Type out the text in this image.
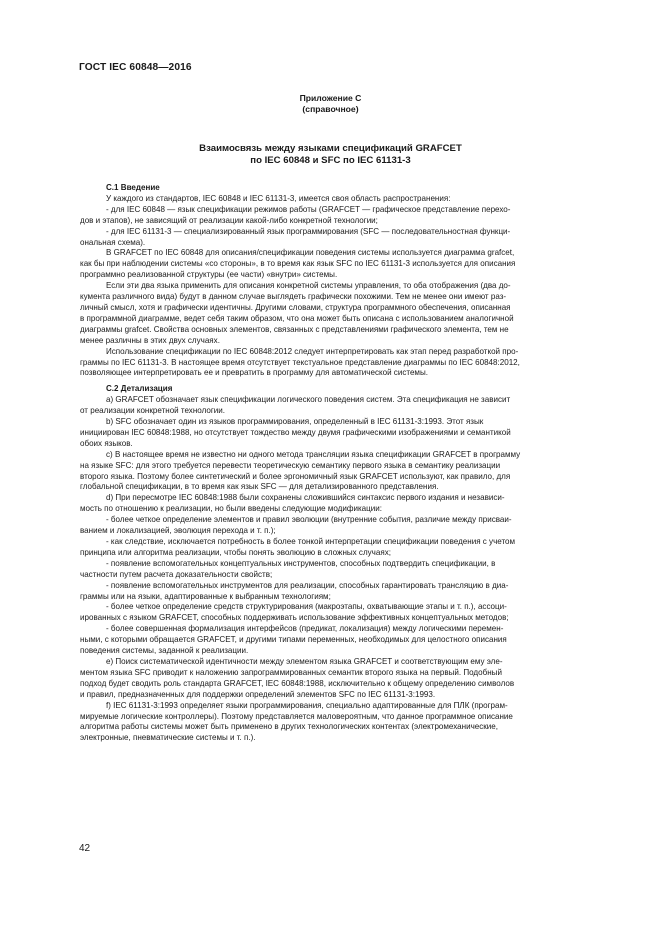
ГОСТ IEC 60848—2016
Приложение С
(справочное)
Взаимосвязь между языками спецификаций GRAFCET
по IEC 60848 и SFC по IEC 61131-3
С.1 Введение
У каждого из стандартов, IEC 60848 и IEC 61131-3, имеется своя область распространения:
- для IEC 60848 — язык спецификации режимов работы (GRAFCET — графическое представление перехо-
дов и этапов), не зависящий от реализации какой-либо конкретной технологии;
- для IEC 61131-3 — специализированный язык программирования (SFC — последовательностная функци-
ональная схема).
В GRAFCET по IEC 60848 для описания/спецификации поведения системы используется диаграмма grafcet,
как бы при наблюдении системы «со стороны», в то время как язык SFC по IEC 61131-3 используется для описания
программно реализованной структуры (ее части) «внутри» системы.
Если эти два языка применить для описания конкретной системы управления, то оба отображения (два до-
кумента различного вида) будут в данном случае выглядеть графически похожими. Тем не менее они имеют раз-
личный смысл, хотя и графически идентичны. Другими словами, структура программного обеспечения, описанная
в программной диаграмме, ведет себя таким образом, что она может быть описана с использованием аналогичной
диаграммы grafcet. Свойства основных элементов, связанных с представлениями графического элемента, тем не
менее различны в этих двух случаях.
Использование спецификации по IEC 60848:2012 следует интерпретировать как этап перед разработкой про-
граммы по IEC 61131-3. В настоящее время отсутствует текстуальное представление диаграммы по IEC 60848:2012,
позволяющее интерпретировать ее и превратить в программу для автоматической системы.
С.2 Детализация
а) GRAFCET обозначает язык спецификации логического поведения систем. Эта спецификация не зависит
от реализации конкретной технологии.
b) SFC обозначает один из языков программирования, определенный в IEC 61131-3:1993. Этот язык
инициирован IEC 60848:1988, но отсутствует тождество между двумя графическими изображениями и семантикой
обоих языков.
с) В настоящее время не известно ни одного метода трансляции языка спецификации GRAFCET в программу
на языке SFC: для этого требуется перевести теоретическую семантику первого языка в семантику реализации
второго языка. Поэтому более синтетический и более эргономичный язык GRAFCET используют, как правило, для
глобальной спецификации, в то время как язык SFC — для детализированного представления.
d) При пересмотре IEC 60848:1988 были сохранены сложившийся синтаксис первого издания и независи-
мость по отношению к реализации, но были введены следующие модификации:
- более четкое определение элементов и правил эволюции (внутренние события, различие между присваи-
ванием и локализацией, эволюция перехода и т. п.);
- как следствие, исключается потребность в более тонкой интерпретации спецификации поведения с учетом
принципа или алгоритма реализации, чтобы понять эволюцию в сложных случаях;
- появление вспомогательных концептуальных инструментов, способных подтвердить спецификации, в
частности путем расчета доказательности свойств;
- появление вспомогательных инструментов для реализации, способных гарантировать трансляцию в диа-
граммы или на языки, адаптированные к выбранным технологиям;
- более четкое определение средств структурирования (макроэтапы, охватывающие этапы и т. п.), ассоци-
ированных с языком GRAFCET, способных поддерживать использование эффективных концептуальных методов;
- более совершенная формализация интерфейсов (предикат, локализация) между логическими перемен-
ными, с которыми обращается GRAFCET, и другими типами переменных, необходимых для целостного описания
поведения системы, заданной к реализации.
е) Поиск систематической идентичности между элементом языка GRAFCET и соответствующим ему эле-
ментом языка SFC приводит к наложению запрограммированных семантик второго языка на первый. Подобный
подход будет сводить роль стандарта GRAFCET, IEC 60848:1988, исключительно к общему определению символов
и правил, предназначенных для поддержки определений элементов SFC по IEC 61131-3:1993.
f) IEC 61131-3:1993 определяет языки программирования, специально адаптированные для ПЛК (програм-
мируемые логические контроллеры). Поэтому представляется маловероятным, что данное программное описание
алгоритма работы системы может быть применено в других технологических контентах (электромеханические,
электронные, пневматические системы и т. п.).
42
